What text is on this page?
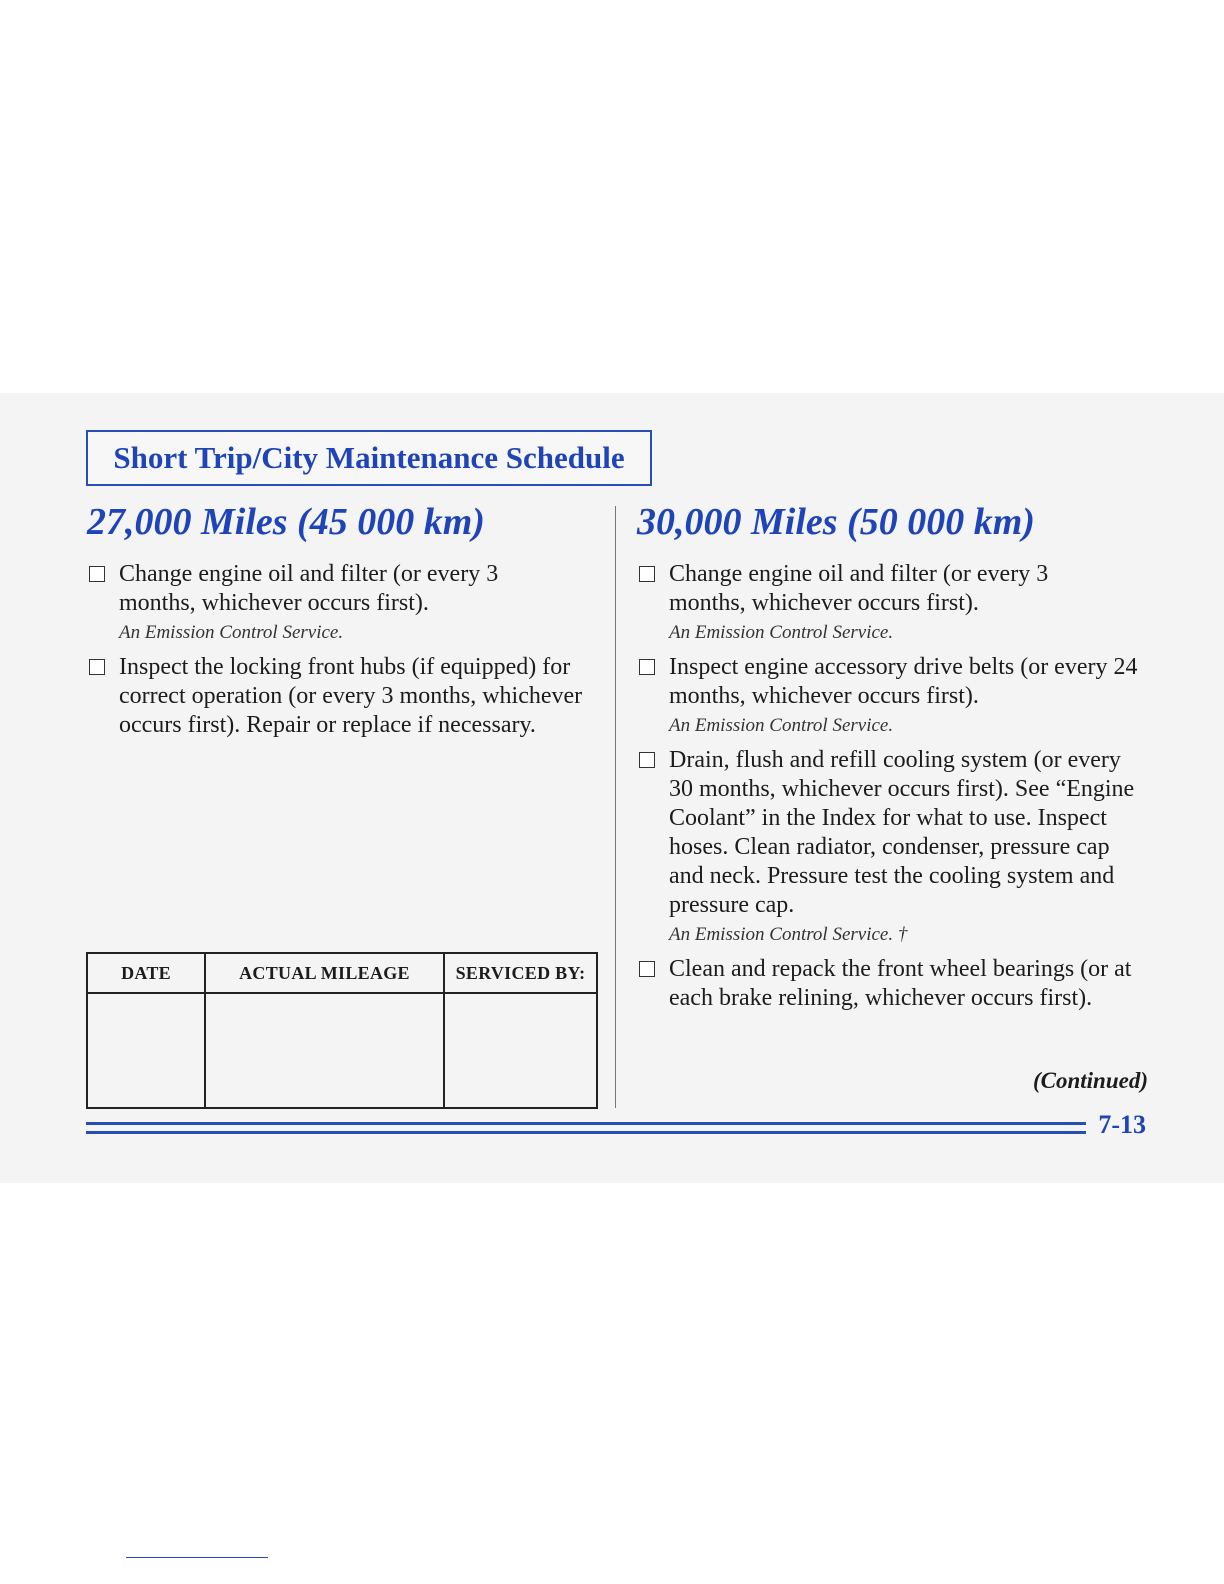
Short Trip/City Maintenance Schedule
27,000 Miles (45 000 km)
Change engine oil and filter (or every 3 months, whichever occurs first).
An Emission Control Service.
Inspect the locking front hubs (if equipped) for correct operation (or every 3 months, whichever occurs first). Repair or replace if necessary.
DATE	ACTUAL MILEAGE	SERVICED BY:

30,000 Miles (50 000 km)
Change engine oil and filter (or every 3 months, whichever occurs first).
An Emission Control Service.
Inspect engine accessory drive belts (or every 24 months, whichever occurs first).
An Emission Control Service.
Drain, flush and refill cooling system (or every 30 months, whichever occurs first). See “Engine Coolant” in the Index for what to use. Inspect hoses. Clean radiator, condenser, pressure cap and neck. Pressure test the cooling system and pressure cap.
An Emission Control Service. †
Clean and repack the front wheel bearings (or at each brake relining, whichever occurs first).
(Continued)
7-13
